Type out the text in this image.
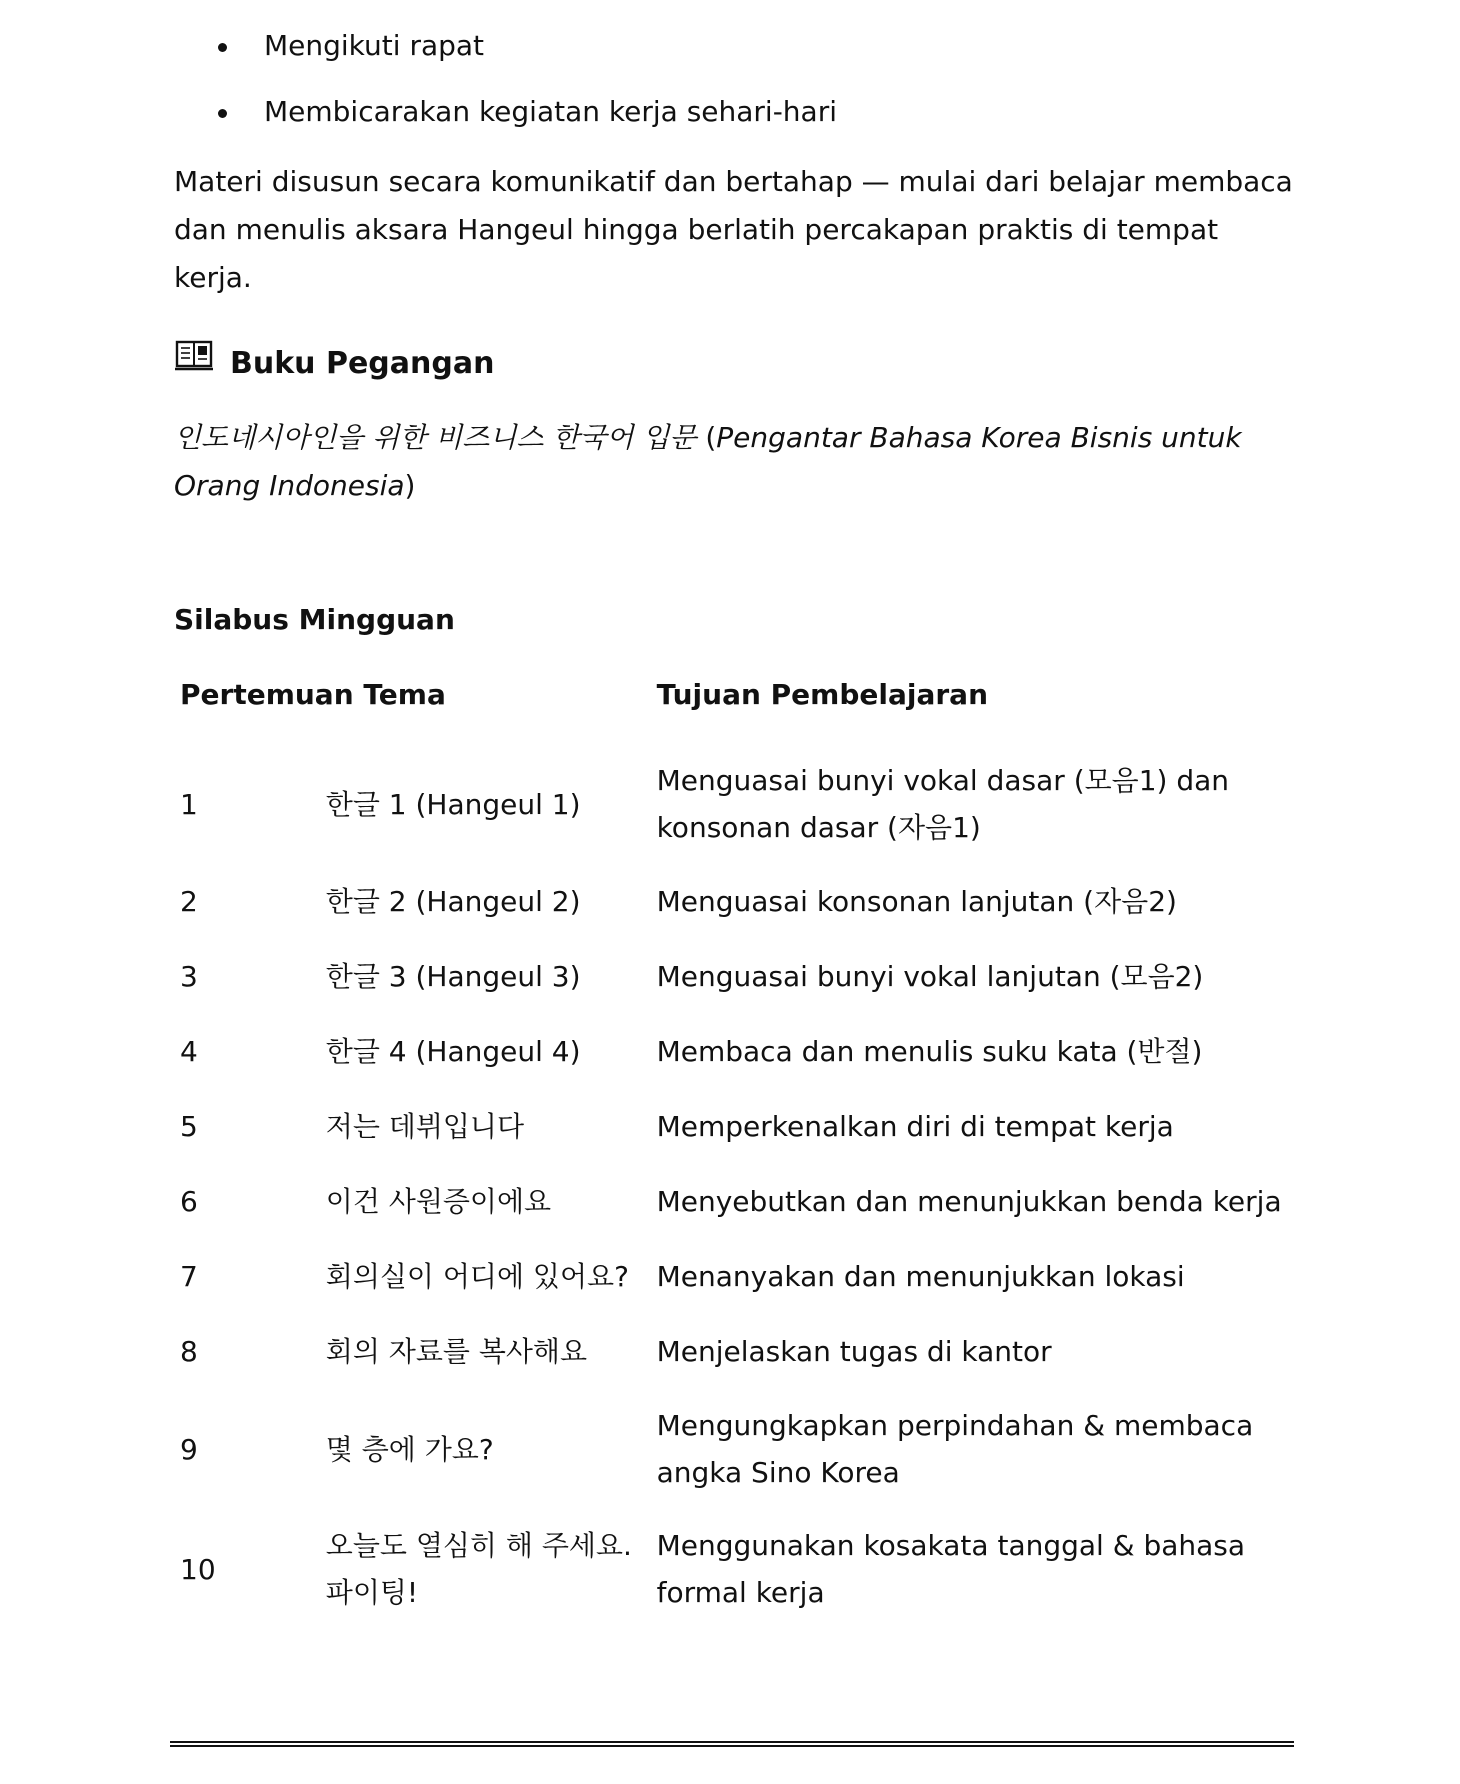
Mengikuti rapat
Membicarakan kegiatan kerja sehari-hari

Materi disusun secara komunikatif dan bertahap — mulai dari belajar membaca dan menulis aksara Hangeul hingga berlatih percakapan praktis di tempat kerja.

Buku Pegangan

인도네시아인을 위한 비즈니스 한국어 입문 (Pengantar Bahasa Korea Bisnis untuk Orang Indonesia)

Silabus Mingguan
Pertemuan Tema		Tujuan Pembelajaran
1	한글 1 (Hangeul 1)	Menguasai bunyi vokal dasar (모음1) dan konsonan dasar (자음1)
2	한글 2 (Hangeul 2)	Menguasai konsonan lanjutan (자음2)
3	한글 3 (Hangeul 3)	Menguasai bunyi vokal lanjutan (모음2)
4	한글 4 (Hangeul 4)	Membaca dan menulis suku kata (반절)
5	저는 데뷔입니다	Memperkenalkan diri di tempat kerja
6	이건 사원증이에요	Menyebutkan dan menunjukkan benda kerja
7	회의실이 어디에 있어요?	Menanyakan dan menunjukkan lokasi
8	회의 자료를 복사해요	Menjelaskan tugas di kantor
9	몇 층에 가요?	Mengungkapkan perpindahan & membaca angka Sino Korea
10	오늘도 열심히 해 주세요. 파이팅!	Menggunakan kosakata tanggal & bahasa formal kerja
